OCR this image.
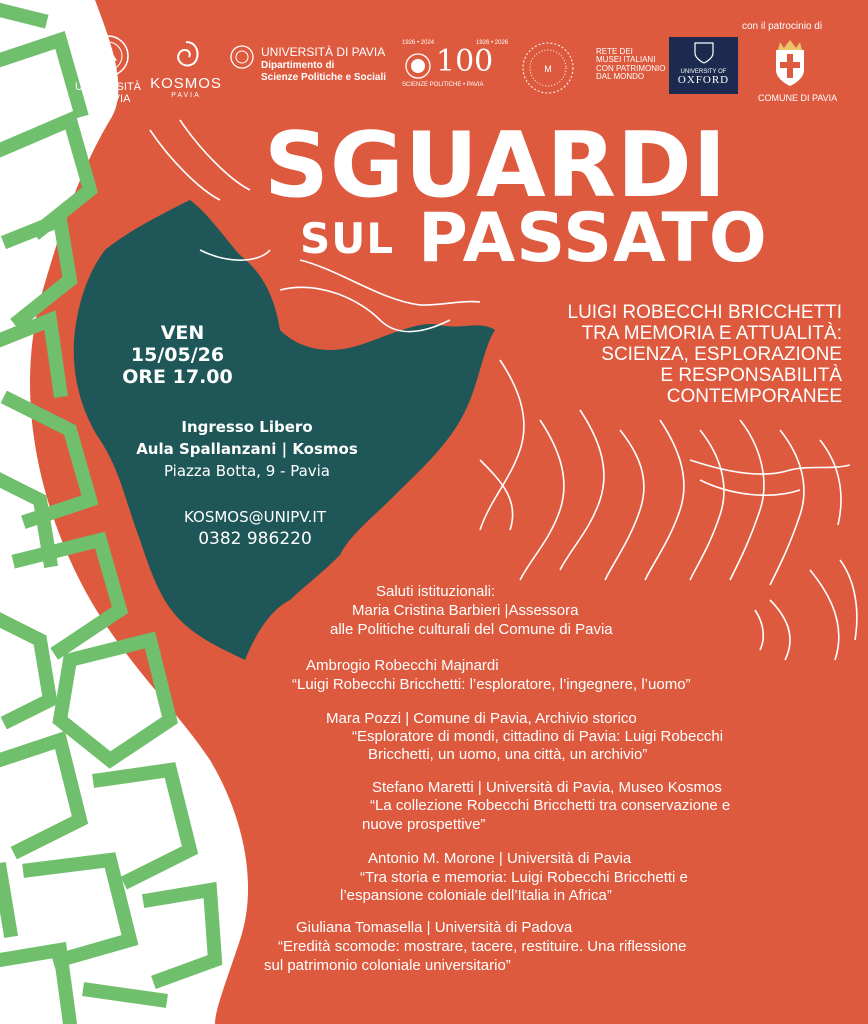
UNIVERSITÀ
DI PAVIA
KOSMOS
PAVIA
UNIVERSITÀ DI PAVIA
Dipartimento di
Scienze Politiche e Sociali
1926 • 2024	1926 • 2026
100
SCIENZE POLITICHE • PAVIA
M
RETE DEI
MUSEI ITALIANI
CON PATRIMONIO
DAL MONDO
UNIVERSITY OF
OXFORD
con il patrocinio di
COMUNE DI PAVIA
SGUARDI
SUL PASSATO
LUIGI ROBECCHI BRICCHETTI
TRA MEMORIA E ATTUALITÀ:
SCIENZA, ESPLORAZIONE
E RESPONSABILITÀ
CONTEMPORANEE
VEN
15/05/26
ORE 17.00
Ingresso Libero
Aula Spallanzani | Kosmos
Piazza Botta, 9 - Pavia
KOSMOS@UNIPV.IT
0382 986220
Saluti istituzionali:
Maria Cristina Barbieri |Assessora
alle Politiche culturali del Comune di Pavia
Ambrogio Robecchi Majnardi
“Luigi Robecchi Bricchetti: l’esploratore, l’ingegnere, l’uomo”
Mara Pozzi | Comune di Pavia, Archivio storico
“Esploratore di mondi, cittadino di Pavia: Luigi Robecchi
Bricchetti, un uomo, una città, un archivio”
Stefano Maretti | Università di Pavia, Museo Kosmos
“La collezione Robecchi Bricchetti tra conservazione e
nuove prospettive”
Antonio M. Morone | Università di Pavia
“Tra storia e memoria: Luigi Robecchi Bricchetti e
l’espansione coloniale dell’Italia in Africa”
Giuliana Tomasella | Università di Padova
“Eredità scomode: mostrare, tacere, restituire. Una riflessione
sul patrimonio coloniale universitario”
